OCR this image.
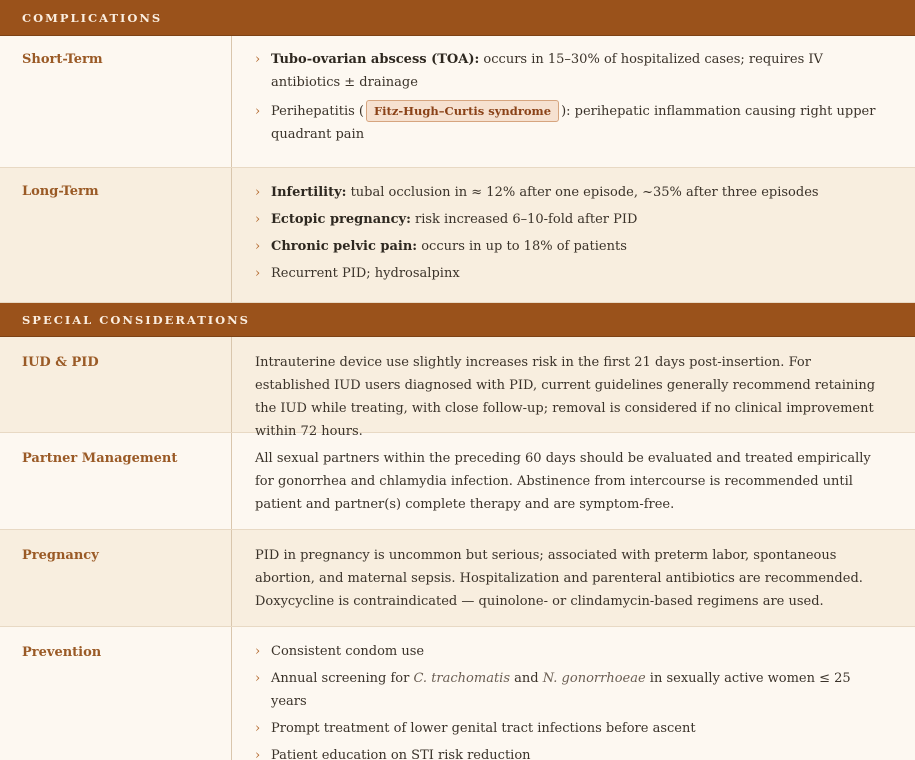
COMPLICATIONS
Short-Term	› Tubo-ovarian abscess (TOA): occurs in 15–30% of hospitalized cases; requires IV antibiotics ± drainage
› Perihepatitis ( Fitz-Hugh–Curtis syndrome ): perihepatic inflammation causing right upper quadrant pain
Long-Term	› Infertility: tubal occlusion in ≈ 12% after one episode, ~35% after three episodes
› Ectopic pregnancy: risk increased 6–10-fold after PID
› Chronic pelvic pain: occurs in up to 18% of patients
› Recurrent PID; hydrosalpinx
SPECIAL CONSIDERATIONS
IUD & PID	Intrauterine device use slightly increases risk in the first 21 days post-insertion. For established IUD users diagnosed with PID, current guidelines generally recommend retaining the IUD while treating, with close follow-up; removal is considered if no clinical improvement within 72 hours.

Partner Management	All sexual partners within the preceding 60 days should be evaluated and treated empirically for gonorrhea and chlamydia infection. Abstinence from intercourse is recommended until patient and partner(s) complete therapy and are symptom-free.

Pregnancy	PID in pregnancy is uncommon but serious; associated with preterm labor, spontaneous abortion, and maternal sepsis. Hospitalization and parenteral antibiotics are recommended. Doxycycline is contraindicated — quinolone- or clindamycin-based regimens are used.

Prevention	› Consistent condom use
› Annual screening for C. trachomatis and N. gonorrhoeae in sexually active women ≤ 25 years
› Prompt treatment of lower genital tract infections before ascent
› Patient education on STI risk reduction
